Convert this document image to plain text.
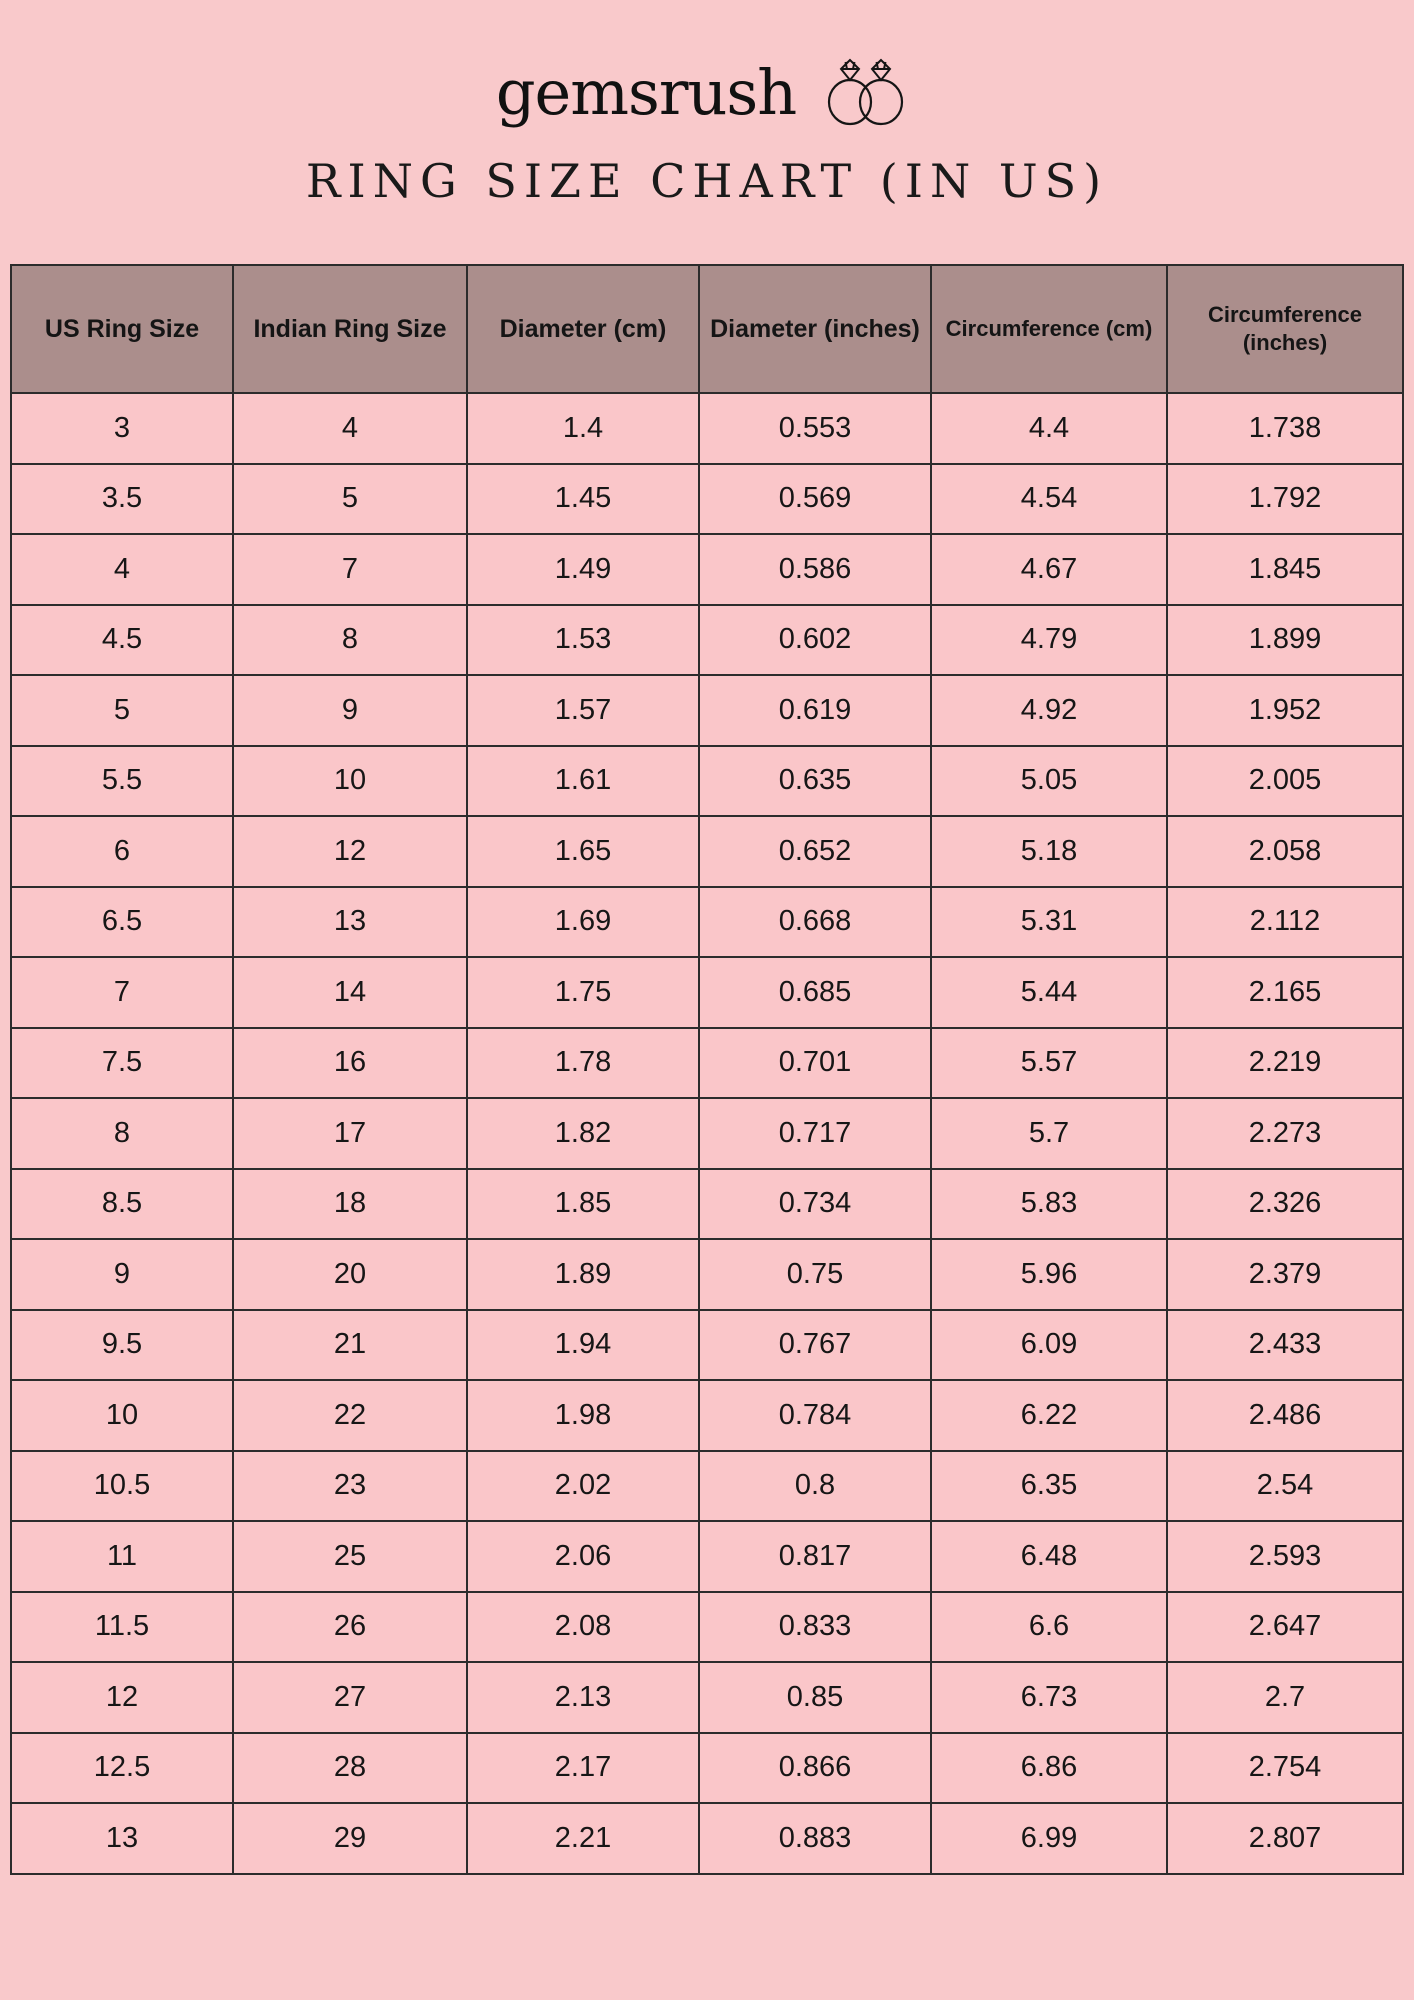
gemsrush
RING SIZE CHART (IN US)
US Ring Size	Indian Ring Size	Diameter (cm)	Diameter (inches)	Circumference (cm)	Circumference (inches)
3	4	1.4	0.553	4.4	1.738
3.5	5	1.45	0.569	4.54	1.792
4	7	1.49	0.586	4.67	1.845
4.5	8	1.53	0.602	4.79	1.899
5	9	1.57	0.619	4.92	1.952
5.5	10	1.61	0.635	5.05	2.005
6	12	1.65	0.652	5.18	2.058
6.5	13	1.69	0.668	5.31	2.112
7	14	1.75	0.685	5.44	2.165
7.5	16	1.78	0.701	5.57	2.219
8	17	1.82	0.717	5.7	2.273
8.5	18	1.85	0.734	5.83	2.326
9	20	1.89	0.75	5.96	2.379
9.5	21	1.94	0.767	6.09	2.433
10	22	1.98	0.784	6.22	2.486
10.5	23	2.02	0.8	6.35	2.54
11	25	2.06	0.817	6.48	2.593
11.5	26	2.08	0.833	6.6	2.647
12	27	2.13	0.85	6.73	2.7
12.5	28	2.17	0.866	6.86	2.754
13	29	2.21	0.883	6.99	2.807
